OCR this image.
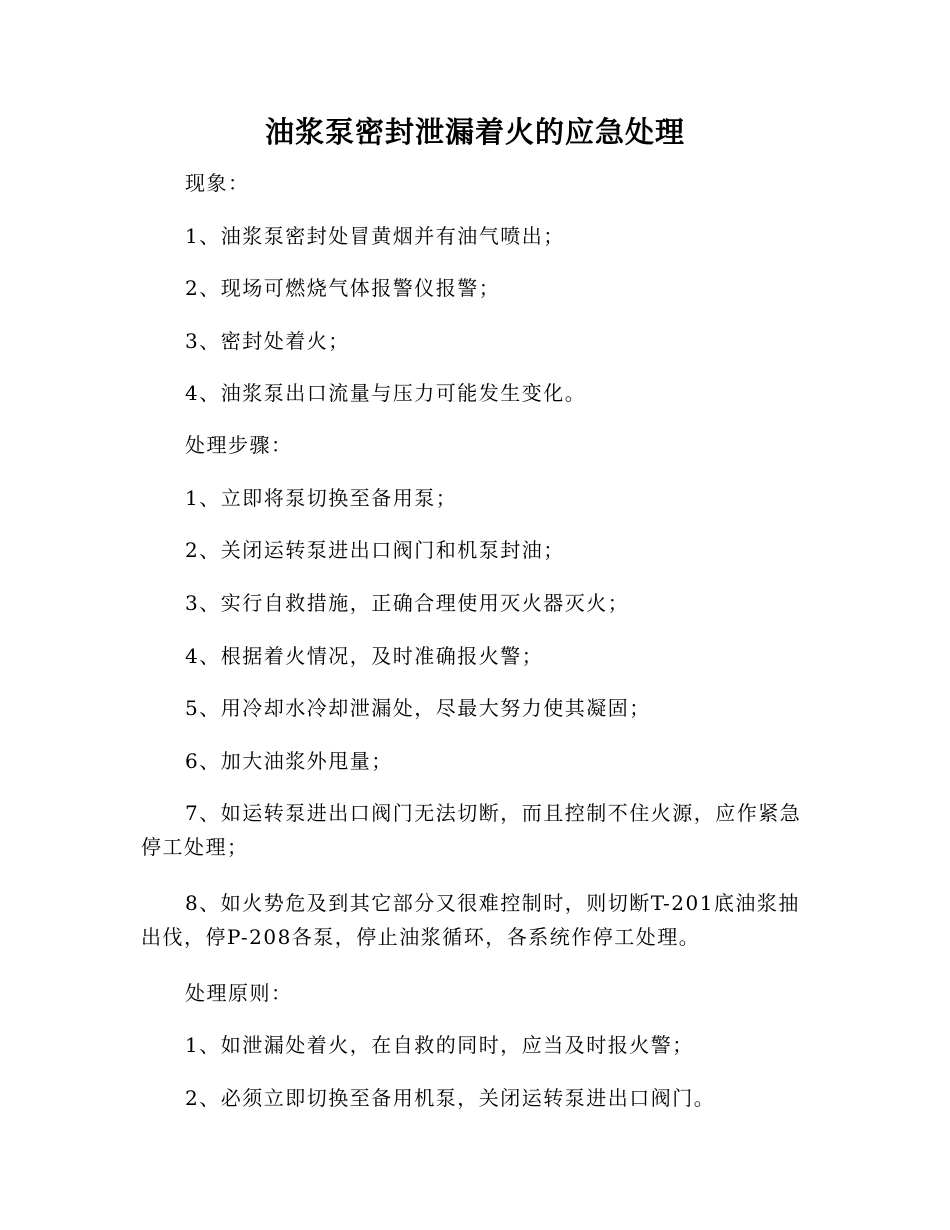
油浆泵密封泄漏着火的应急处理

现象：

1、油浆泵密封处冒黄烟并有油气喷出；

2、现场可燃烧气体报警仪报警；

3、密封处着火；

4、油浆泵出口流量与压力可能发生变化。

处理步骤：

1、立即将泵切换至备用泵；

2、关闭运转泵进出口阀门和机泵封油；

3、实行自救措施，正确合理使用灭火器灭火；

4、根据着火情况，及时准确报火警；

5、用冷却水冷却泄漏处，尽最大努力使其凝固；

6、加大油浆外甩量；

7、如运转泵进出口阀门无法切断，而且控制不住火源，应作紧急停工处理；

8、如火势危及到其它部分又很难控制时，则切断T-201底油浆抽出伐，停P-208各泵，停止油浆循环，各系统作停工处理。

处理原则：

1、如泄漏处着火，在自救的同时，应当及时报火警；

2、必须立即切换至备用机泵，关闭运转泵进出口阀门。
